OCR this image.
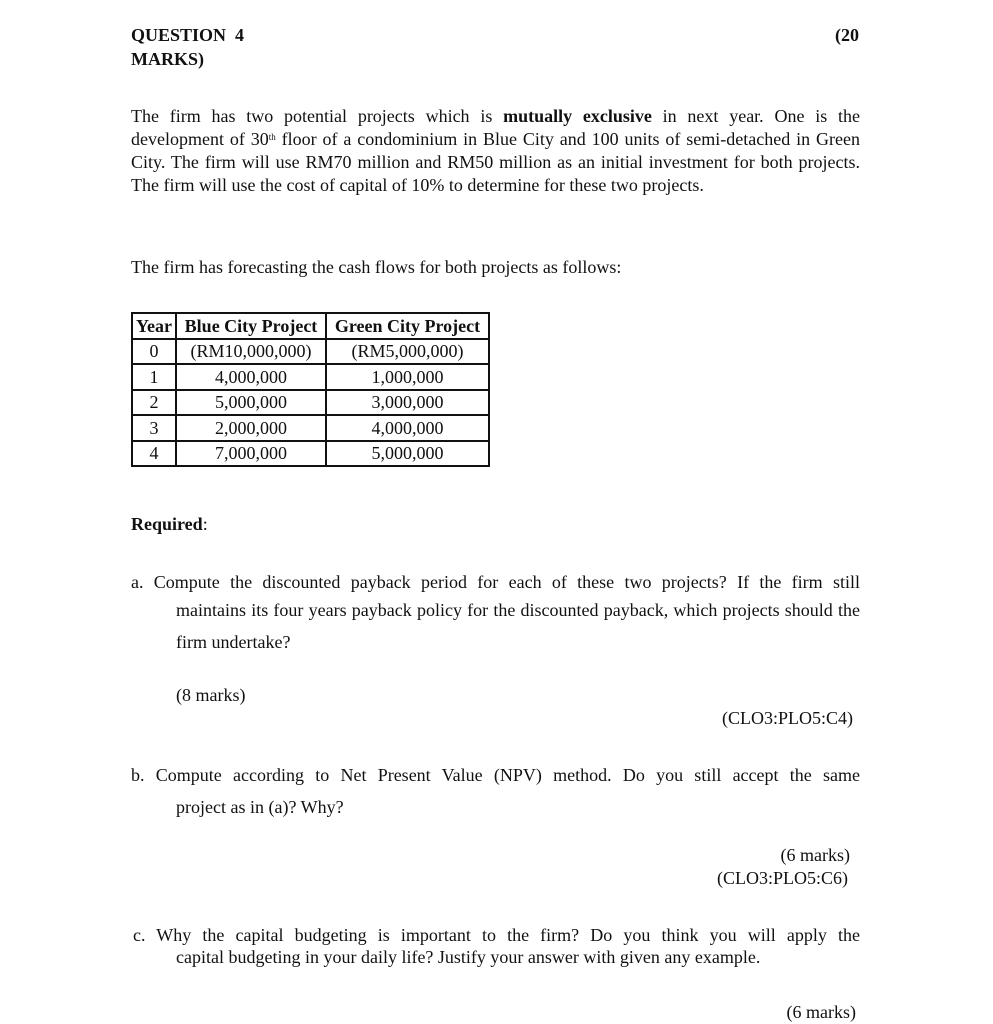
QUESTION 4
MARKS)
(20
The firm has two potential projects which is mutually exclusive in next year. One is the development of 30th floor of a condominium in Blue City and 100 units of semi-detached in Green City. The firm will use RM70 million and RM50 million as an initial investment for both projects. The firm will use the cost of capital of 10% to determine for these two projects.
The firm has forecasting the cash flows for both projects as follows:
Year	Blue City Project	Green City Project
0	(RM10,000,000)	(RM5,000,000)
1	4,000,000	1,000,000
2	5,000,000	3,000,000
3	2,000,000	4,000,000
4	7,000,000	5,000,000
Required:
a. Compute the discounted payback period for each of these two projects? If the firm still
maintains its four years payback policy for the discounted payback, which projects should the firm undertake?
(8 marks)
(CLO3:PLO5:C4)
b. Compute according to Net Present Value (NPV) method. Do you still accept the same
project as in (a)? Why?
(6 marks)
(CLO3:PLO5:C6)
c. Why the capital budgeting is important to the firm? Do you think you will apply the
capital budgeting in your daily life? Justify your answer with given any example.
(6 marks)
